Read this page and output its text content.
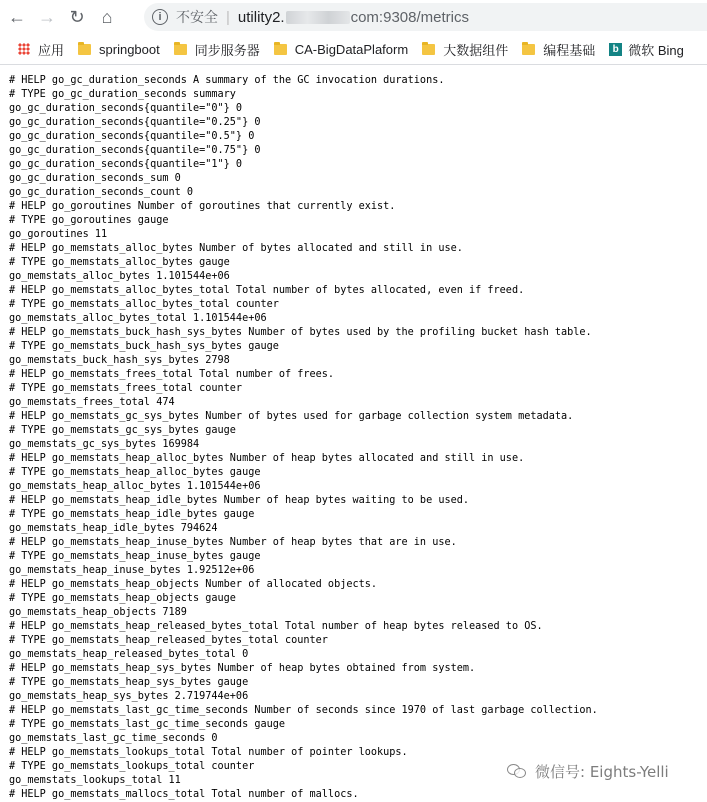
← → ↻ ⌂	i	不安全 | utility2.	com:9308/metrics
应用	springboot	同步服务器	CA-BigDataPlaform	大数据组件	编程基础	b 微软 Bing
# HELP go_gc_duration_seconds A summary of the GC invocation durations.
# TYPE go_gc_duration_seconds summary
go_gc_duration_seconds{quantile="0"} 0
go_gc_duration_seconds{quantile="0.25"} 0
go_gc_duration_seconds{quantile="0.5"} 0
go_gc_duration_seconds{quantile="0.75"} 0
go_gc_duration_seconds{quantile="1"} 0
go_gc_duration_seconds_sum 0
go_gc_duration_seconds_count 0
# HELP go_goroutines Number of goroutines that currently exist.
# TYPE go_goroutines gauge
go_goroutines 11
# HELP go_memstats_alloc_bytes Number of bytes allocated and still in use.
# TYPE go_memstats_alloc_bytes gauge
go_memstats_alloc_bytes 1.101544e+06
# HELP go_memstats_alloc_bytes_total Total number of bytes allocated, even if freed.
# TYPE go_memstats_alloc_bytes_total counter
go_memstats_alloc_bytes_total 1.101544e+06
# HELP go_memstats_buck_hash_sys_bytes Number of bytes used by the profiling bucket hash table.
# TYPE go_memstats_buck_hash_sys_bytes gauge
go_memstats_buck_hash_sys_bytes 2798
# HELP go_memstats_frees_total Total number of frees.
# TYPE go_memstats_frees_total counter
go_memstats_frees_total 474
# HELP go_memstats_gc_sys_bytes Number of bytes used for garbage collection system metadata.
# TYPE go_memstats_gc_sys_bytes gauge
go_memstats_gc_sys_bytes 169984
# HELP go_memstats_heap_alloc_bytes Number of heap bytes allocated and still in use.
# TYPE go_memstats_heap_alloc_bytes gauge
go_memstats_heap_alloc_bytes 1.101544e+06
# HELP go_memstats_heap_idle_bytes Number of heap bytes waiting to be used.
# TYPE go_memstats_heap_idle_bytes gauge
go_memstats_heap_idle_bytes 794624
# HELP go_memstats_heap_inuse_bytes Number of heap bytes that are in use.
# TYPE go_memstats_heap_inuse_bytes gauge
go_memstats_heap_inuse_bytes 1.92512e+06
# HELP go_memstats_heap_objects Number of allocated objects.
# TYPE go_memstats_heap_objects gauge
go_memstats_heap_objects 7189
# HELP go_memstats_heap_released_bytes_total Total number of heap bytes released to OS.
# TYPE go_memstats_heap_released_bytes_total counter
go_memstats_heap_released_bytes_total 0
# HELP go_memstats_heap_sys_bytes Number of heap bytes obtained from system.
# TYPE go_memstats_heap_sys_bytes gauge
go_memstats_heap_sys_bytes 2.719744e+06
# HELP go_memstats_last_gc_time_seconds Number of seconds since 1970 of last garbage collection.
# TYPE go_memstats_last_gc_time_seconds gauge
go_memstats_last_gc_time_seconds 0
# HELP go_memstats_lookups_total Total number of pointer lookups.
# TYPE go_memstats_lookups_total counter
go_memstats_lookups_total 11
# HELP go_memstats_mallocs_total Total number of mallocs.
微信号: Eights-Yelli
